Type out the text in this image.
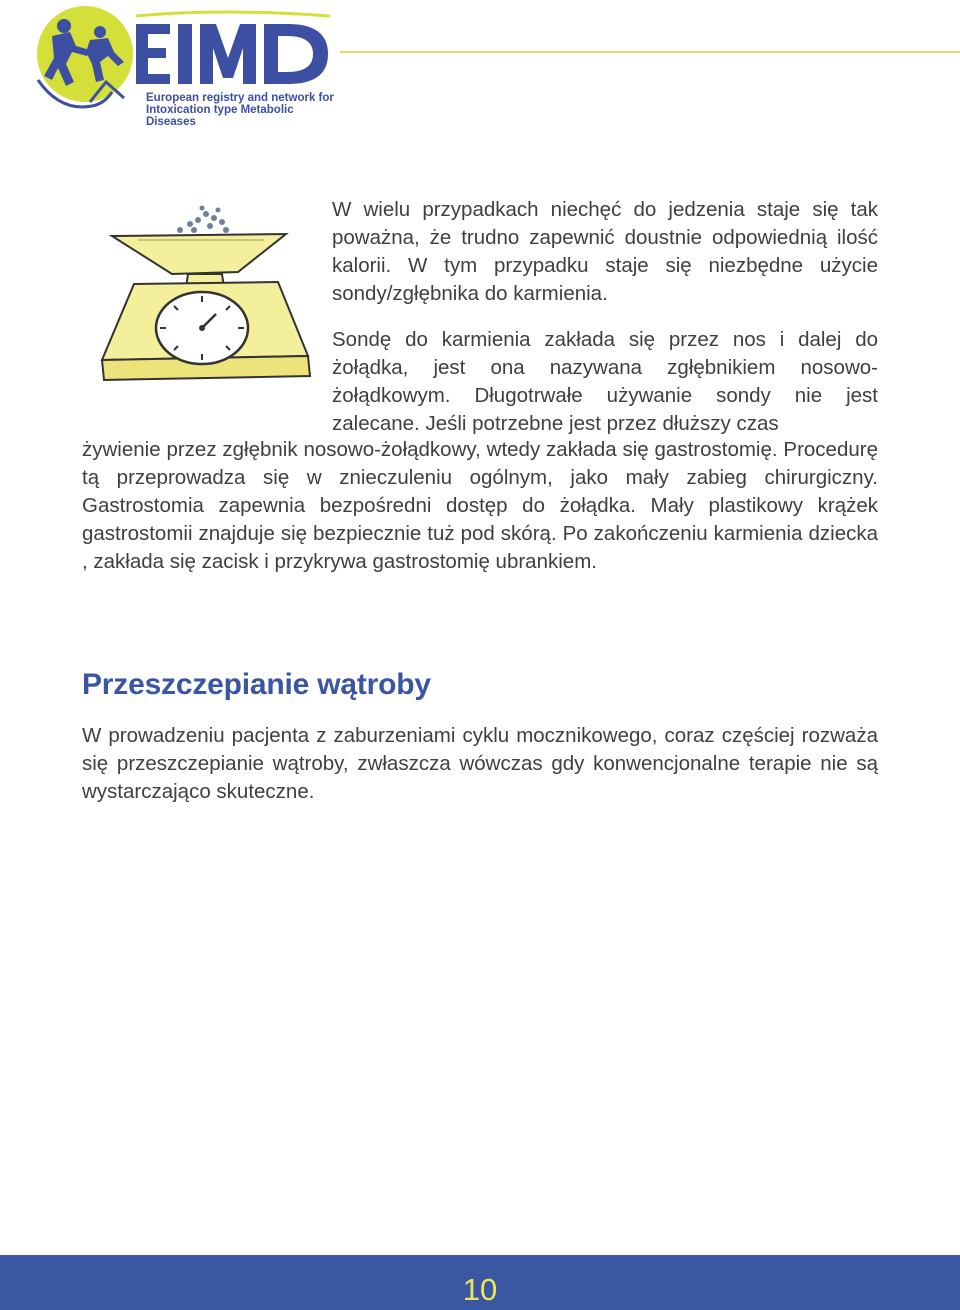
European registry and network for
Intoxication type Metabolic Diseases

W wielu przypadkach niechęć do jedzenia staje się tak poważna, że trudno zapewnić doustnie odpowiednią ilość kalorii. W tym przypadku staje się niezbędne użycie sondy/zgłębnika do karmienia.

Sondę do karmienia zakłada się przez nos i dalej do żołądka, jest ona nazywana zgłębnikiem nosowo-żołądkowym. Długotrwałe używanie sondy nie jest zalecane. Jeśli potrzebne jest przez dłuższy czas

żywienie przez zgłębnik nosowo-żołądkowy, wtedy zakłada się gastrostomię. Procedurę tą przeprowadza się w znieczuleniu ogólnym, jako mały zabieg chirurgiczny. Gastrostomia zapewnia bezpośredni dostęp do żołądka. Mały plastikowy krążek gastrostomii znajduje się bezpiecznie tuż pod skórą. Po zakończeniu karmienia dziecka , zakłada się zacisk i przykrywa gastrostomię ubrankiem.

Przeszczepianie wątroby

W prowadzeniu pacjenta z zaburzeniami cyklu mocznikowego, coraz częściej rozważa się przeszczepianie wątroby, zwłaszcza wówczas gdy konwencjonalne terapie nie są wystarczająco skuteczne.

10
